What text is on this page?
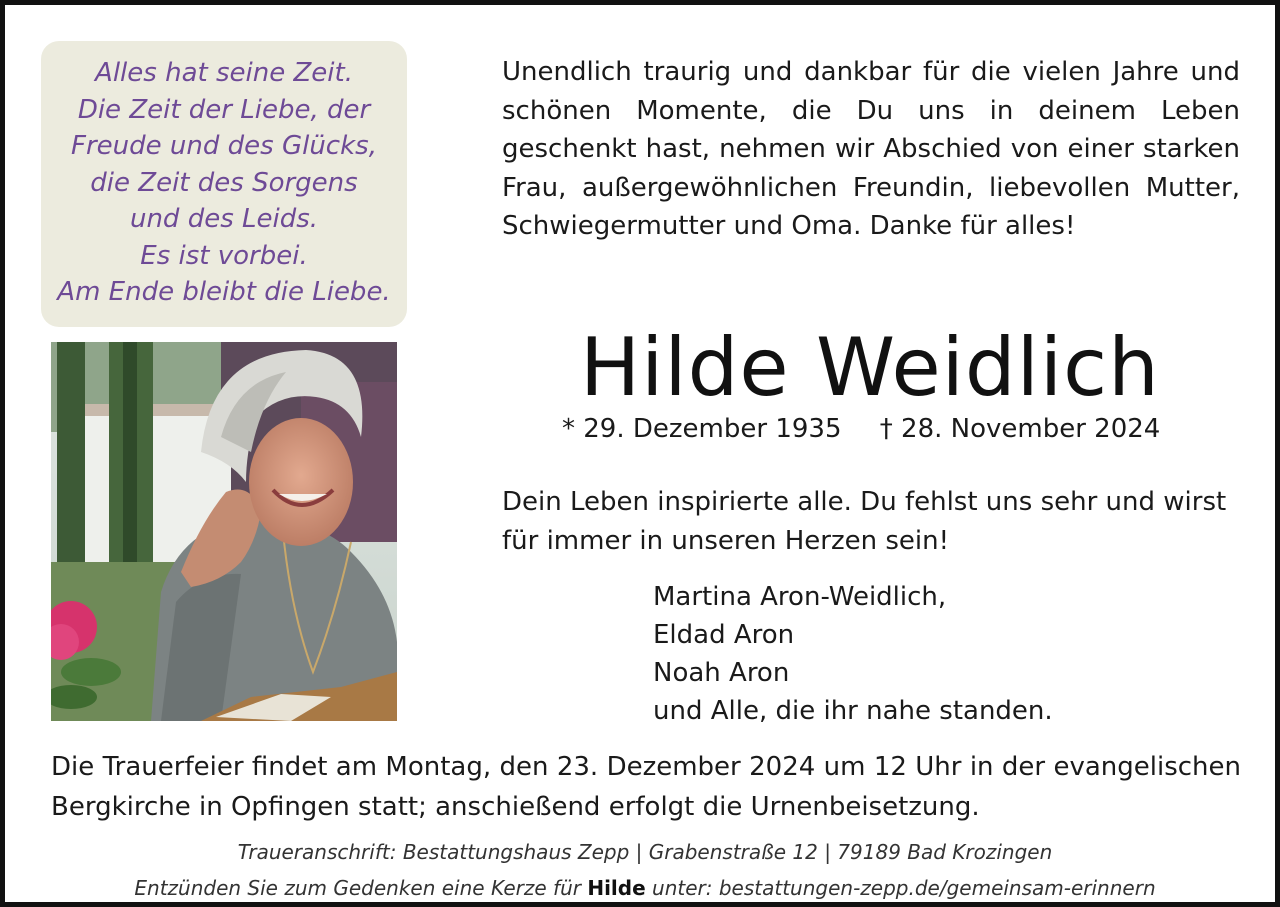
Alles hat seine Zeit.
Die Zeit der Liebe, der
Freude und des Glücks,
die Zeit des Sorgens
und des Leids.
Es ist vorbei.
Am Ende bleibt die Liebe.
Unendlich traurig und dankbar für die vielen Jahre und schönen Momente, die Du uns in deinem Leben geschenkt hast, nehmen wir Abschied von einer starken Frau, außergewöhnlichen Freundin, liebevollen Mutter, Schwiegermutter und Oma. Danke für alles!
Hilde Weidlich
* 29. Dezember 1935 † 28. November 2024
Dein Leben inspirierte alle. Du fehlst uns sehr und wirst für immer in unseren Herzen sein!
Martina Aron-Weidlich,
Eldad Aron
Noah Aron
und Alle, die ihr nahe standen.
Die Trauerfeier findet am Montag, den 23. Dezember 2024 um 12 Uhr in der evangelischen Bergkirche in Opfingen statt; anschießend erfolgt die Urnenbeisetzung.
Traueranschrift: Bestattungshaus Zepp | Grabenstraße 12 | 79189 Bad Krozingen
Entzünden Sie zum Gedenken eine Kerze für Hilde unter: bestattungen-zepp.de/gemeinsam-erinnern
